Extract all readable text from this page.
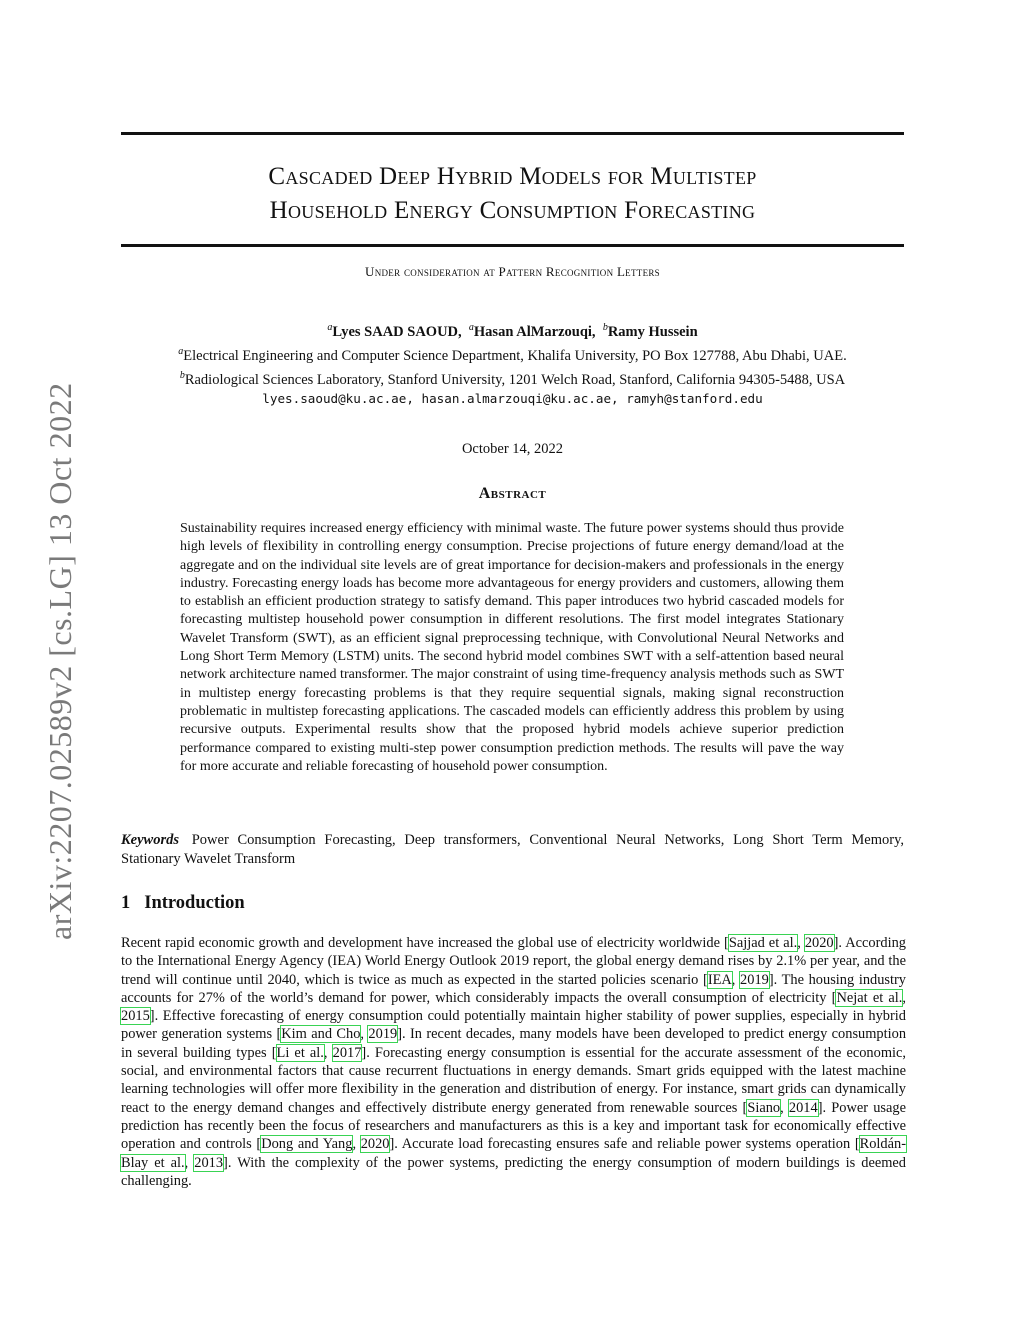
arXiv:2207.02589v2 [cs.LG] 13 Oct 2022
Cascaded Deep Hybrid Models for Multistep
Household Energy Consumption Forecasting
Under consideration at Pattern Recognition Letters
$^a$Lyes SAAD SAOUD, $^a$Hasan AlMarzouqi, $^b$Ramy Hussein
$^a$Electrical Engineering and Computer Science Department, Khalifa University, PO Box 127788, Abu Dhabi, UAE.
$^b$Radiological Sciences Laboratory, Stanford University, 1201 Welch Road, Stanford, California 94305-5488, USA
lyes.saoud@ku.ac.ae, hasan.almarzouqi@ku.ac.ae, ramyh@stanford.edu
October 14, 2022
Abstract
Sustainability requires increased energy efficiency with minimal waste. The future power systems should thus provide high levels of flexibility in controlling energy consumption. Precise projections of future energy demand/load at the aggregate and on the individual site levels are of great importance for decision-makers and professionals in the energy industry. Forecasting energy loads has become more advantageous for energy providers and customers, allowing them to establish an efficient production strategy to satisfy demand. This paper introduces two hybrid cascaded models for forecasting multistep household power consumption in different resolutions. The first model integrates Stationary Wavelet Transform (SWT), as an efficient signal preprocessing technique, with Convolutional Neural Networks and Long Short Term Memory (LSTM) units. The second hybrid model combines SWT with a self-attention based neural network architecture named transformer. The major constraint of using time-frequency analysis methods such as SWT in multistep energy forecasting problems is that they require sequential signals, making signal reconstruction problematic in multistep forecasting applications. The cascaded models can efficiently address this problem by using recursive outputs. Experimental results show that the proposed hybrid models achieve superior prediction performance compared to existing multi-step power consumption prediction methods. The results will pave the way for more accurate and reliable forecasting of household power consumption.
Keywords Power Consumption Forecasting, Deep transformers, Conventional Neural Networks, Long Short Term Memory, Stationary Wavelet Transform
1 Introduction
Recent rapid economic growth and development have increased the global use of electricity worldwide [Sajjad et al., 2020]. According to the International Energy Agency (IEA) World Energy Outlook 2019 report, the global energy demand rises by 2.1% per year, and the trend will continue until 2040, which is twice as much as expected in the started policies scenario [IEA, 2019]. The housing industry accounts for 27% of the world’s demand for power, which considerably impacts the overall consumption of electricity [Nejat et al., 2015]. Effective forecasting of energy consumption could potentially maintain higher stability of power supplies, especially in hybrid power generation systems [Kim and Cho, 2019]. In recent decades, many models have been developed to predict energy consumption in several building types [Li et al., 2017]. Forecasting energy consumption is essential for the accurate assessment of the economic, social, and environmental factors that cause recurrent fluctuations in energy demands. Smart grids equipped with the latest machine learning technologies will offer more flexibility in the generation and distribution of energy. For instance, smart grids can dynamically react to the energy demand changes and effectively distribute energy generated from renewable sources [Siano, 2014]. Power usage prediction has recently been the focus of researchers and manufacturers as this is a key and important task for economically effective operation and controls [Dong and Yang, 2020]. Accurate load forecasting ensures safe and reliable power systems operation [Roldán-Blay et al., 2013]. With the complexity of the power systems, predicting the energy consumption of modern buildings is deemed challenging.
